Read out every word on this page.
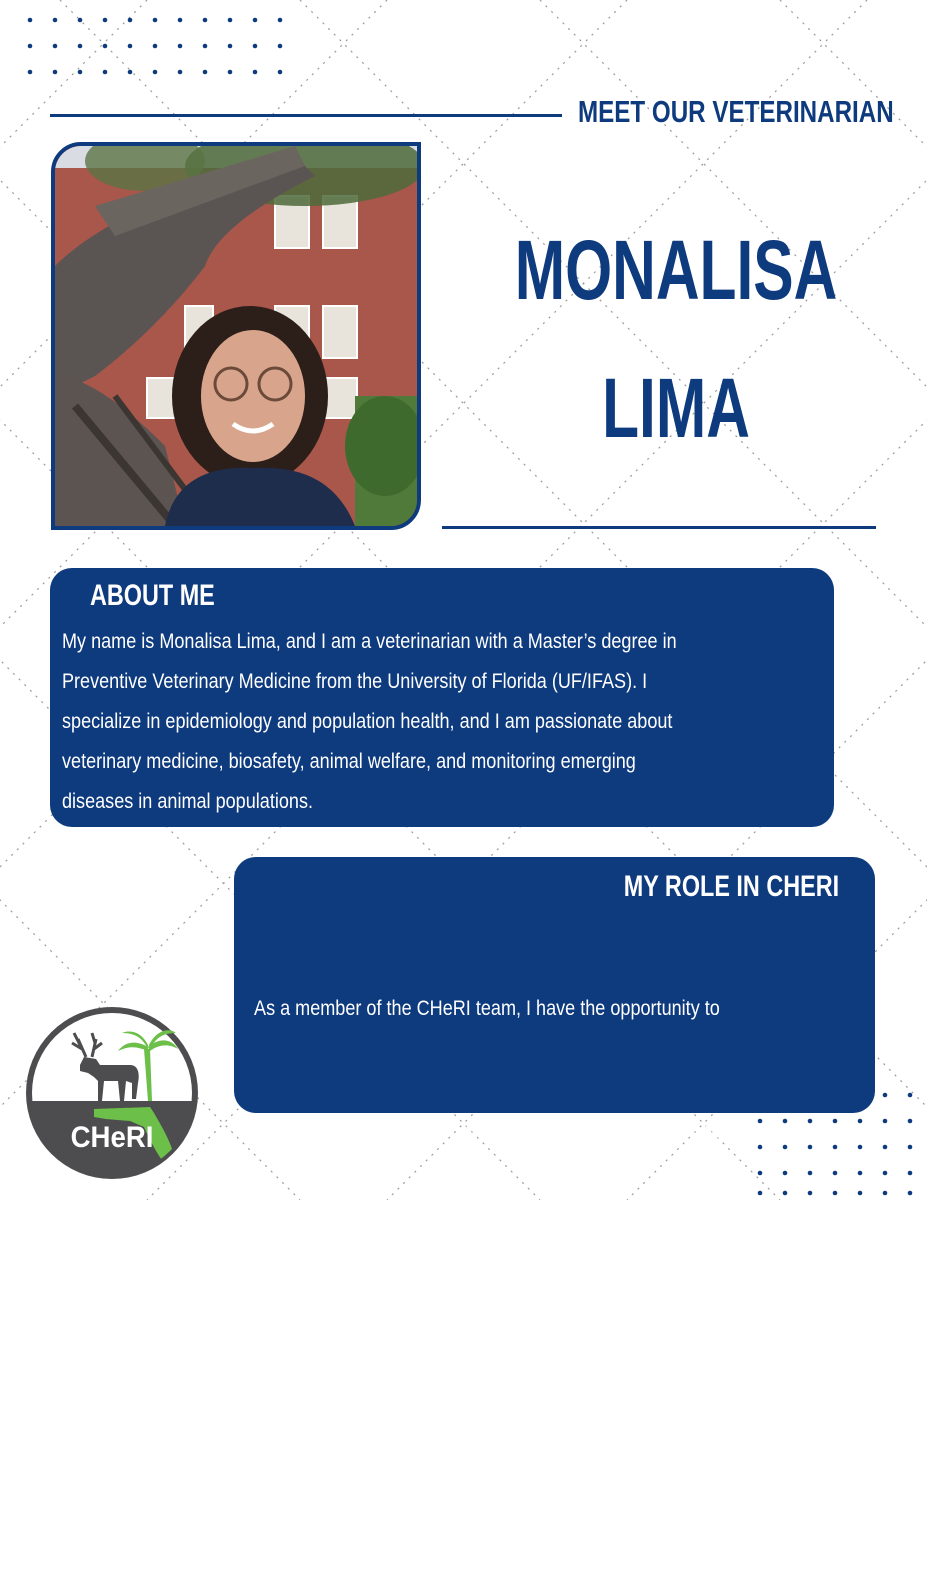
MEET OUR VETERINARIAN
MONALISA
LIMA
ABOUT ME
My name is Monalisa Lima, and I am a veterinarian with a Master’s degree in
Preventive Veterinary Medicine from the University of Florida (UF/IFAS). I
specialize in epidemiology and population health, and I am passionate about
veterinary medicine, biosafety, animal welfare, and monitoring emerging
diseases in animal populations.
MY ROLE IN CHERI

As a member of the CHeRI team, I have the opportunity to

contribute to necropsy investigations, disease surveillance,

and the diagnosis of infectious diseases in cervids. My work

integrates applied research, extension services, and veterinary

public health.

CHeRI
